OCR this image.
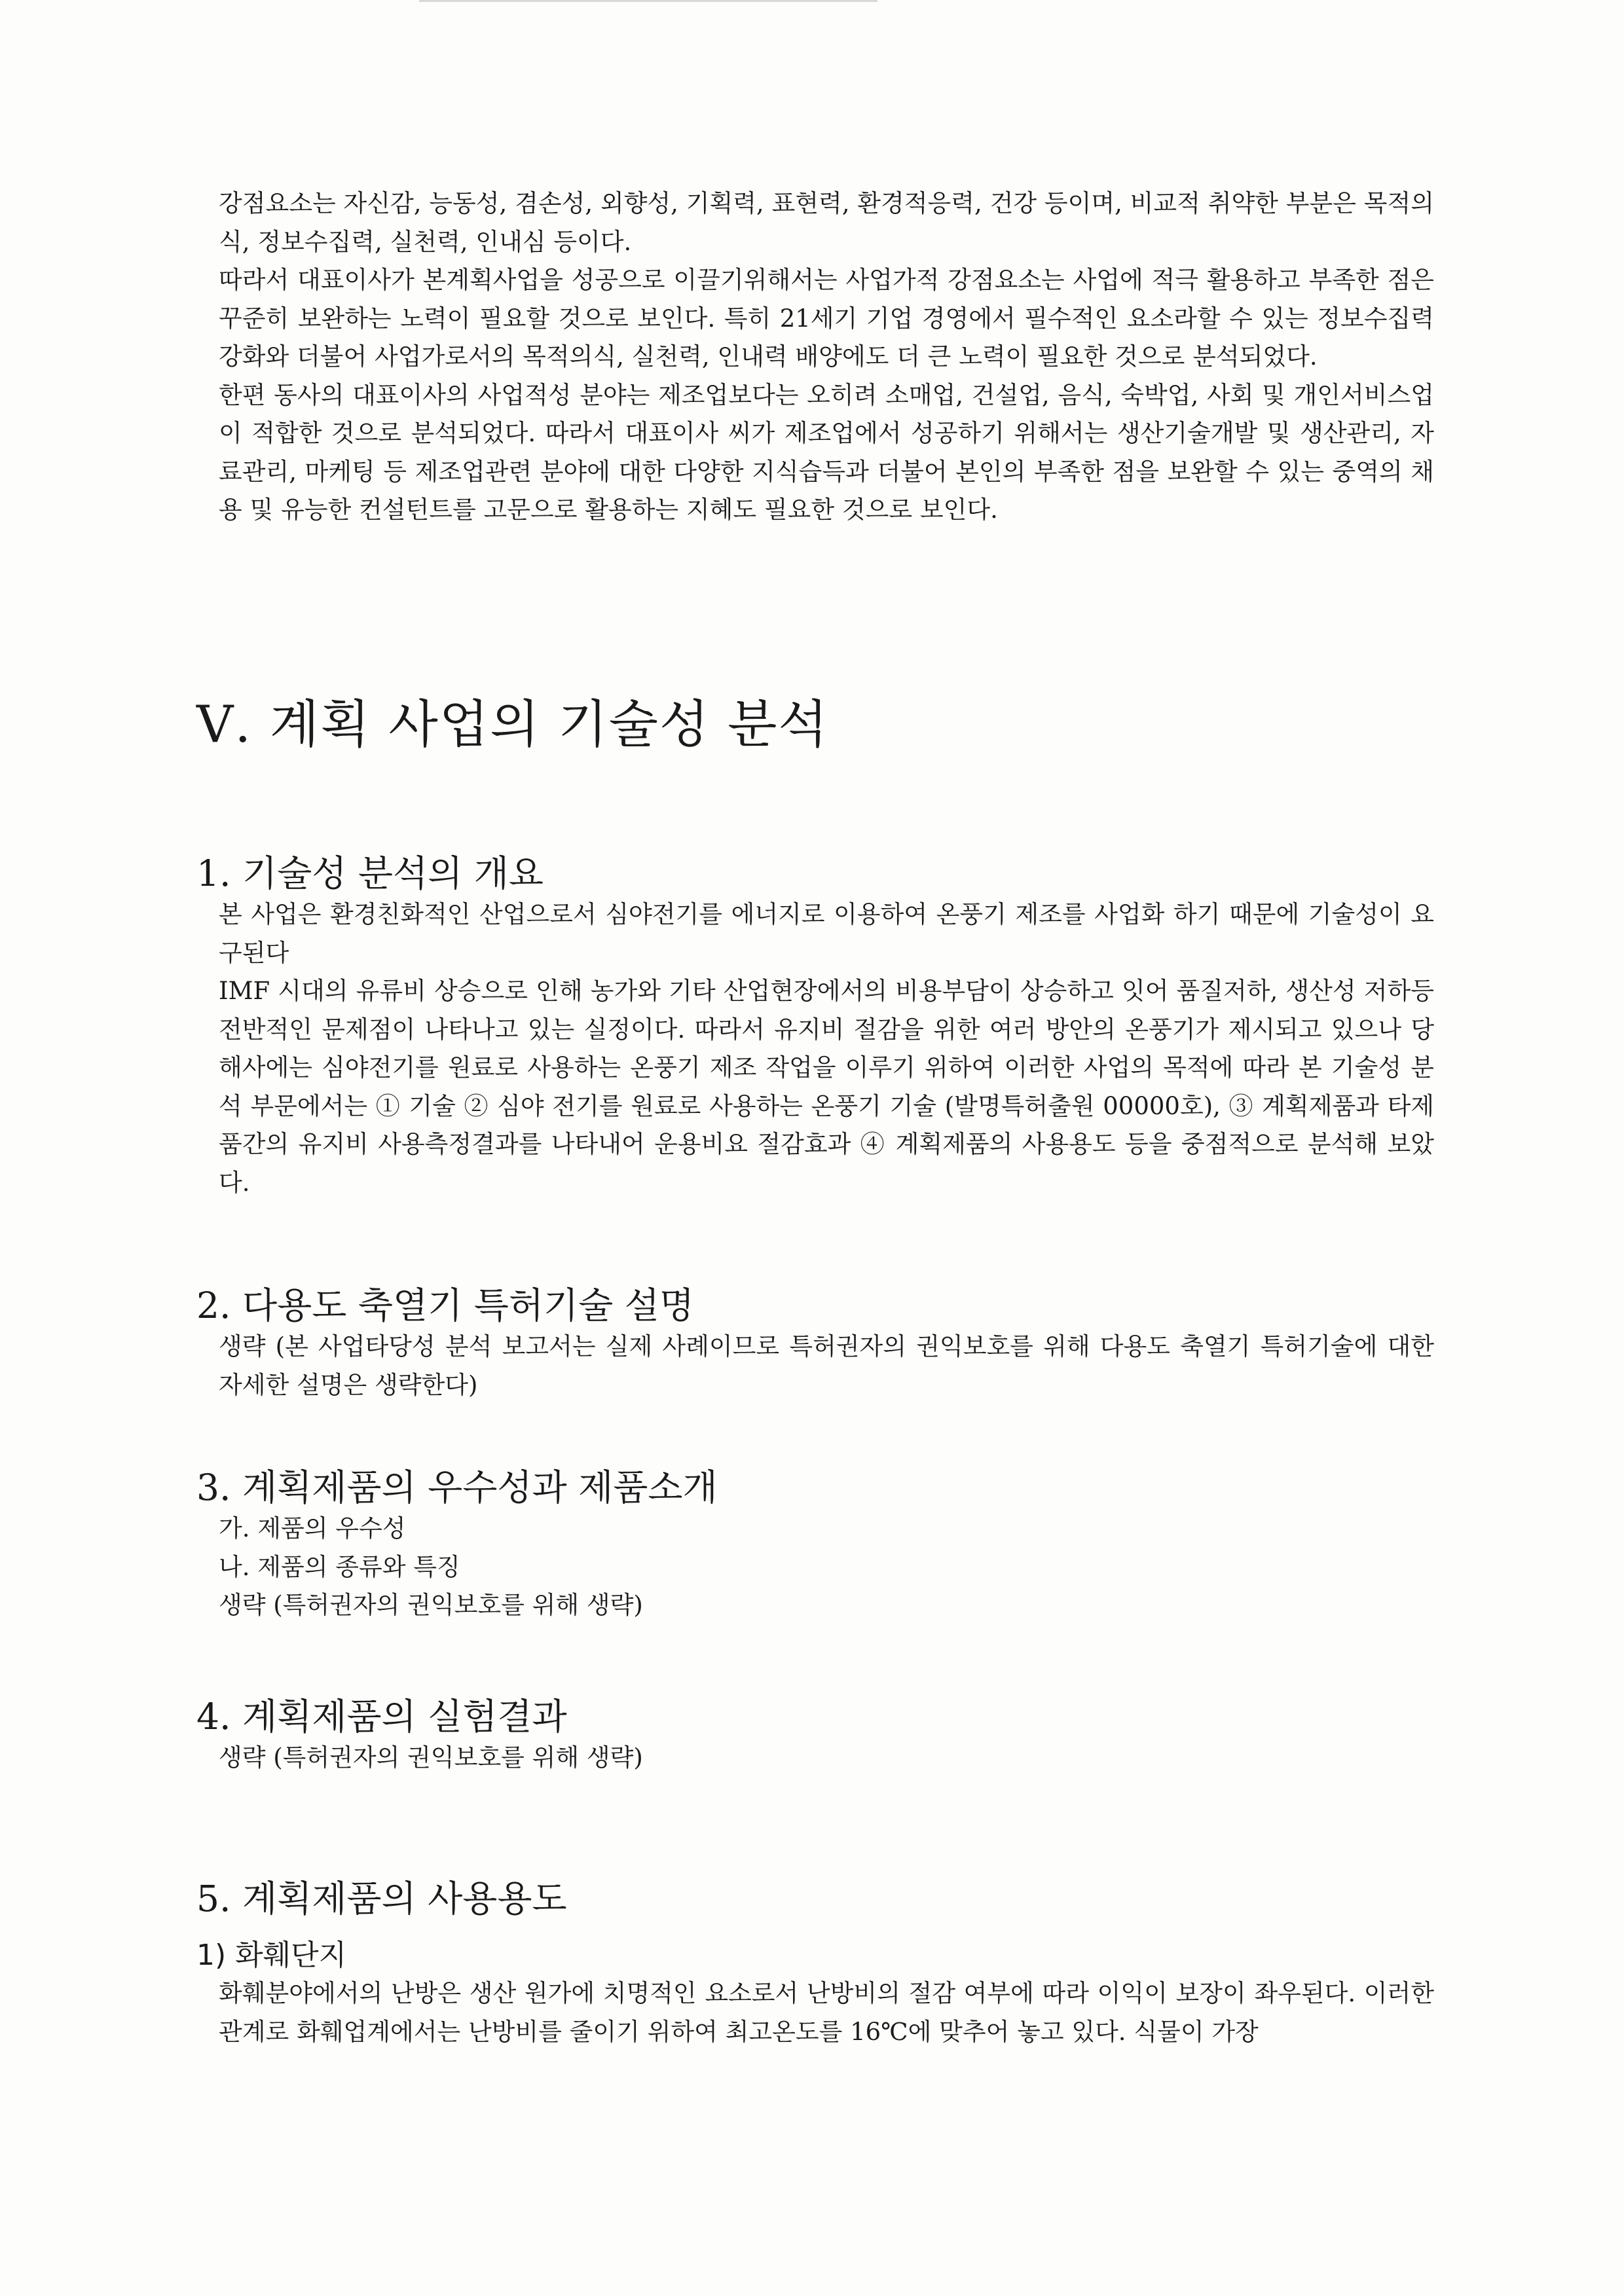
강점요소는 자신감, 능동성, 겸손성, 외향성, 기획력, 표현력, 환경적응력, 건강 등이며, 비교적 취약한 부분은 목적의식, 정보수집력, 실천력, 인내심 등이다.

따라서 대표이사가 본계획사업을 성공으로 이끌기위해서는 사업가적 강점요소는 사업에 적극 활용하고 부족한 점은 꾸준히 보완하는 노력이 필요할 것으로 보인다. 특히 21세기 기업 경영에서 필수적인 요소라할 수 있는 정보수집력 강화와 더불어 사업가로서의 목적의식, 실천력, 인내력 배양에도 더 큰 노력이 필요한 것으로 분석되었다.

한편 동사의 대표이사의 사업적성 분야는 제조업보다는 오히려 소매업, 건설업, 음식, 숙박업, 사회 및 개인서비스업이 적합한 것으로 분석되었다. 따라서 대표이사 씨가 제조업에서 성공하기 위해서는 생산기술개발 및 생산관리, 자료관리, 마케팅 등 제조업관련 분야에 대한 다양한 지식습득과 더불어 본인의 부족한 점을 보완할 수 있는 중역의 채용 및 유능한 컨설턴트를 고문으로 활용하는 지혜도 필요한 것으로 보인다.

Ⅴ. 계획 사업의 기술성 분석
1. 기술성 분석의 개요

본 사업은 환경친화적인 산업으로서 심야전기를 에너지로 이용하여 온풍기 제조를 사업화 하기 때문에 기술성이 요구된다

IMF 시대의 유류비 상승으로 인해 농가와 기타 산업현장에서의 비용부담이 상승하고 잇어 품질저하, 생산성 저하등 전반적인 문제점이 나타나고 있는 실정이다. 따라서 유지비 절감을 위한 여러 방안의 온풍기가 제시되고 있으나 당해사에는 심야전기를 원료로 사용하는 온풍기 제조 작업을 이루기 위하여 이러한 사업의 목적에 따라 본 기술성 분석 부문에서는 ① 기술 ② 심야 전기를 원료로 사용하는 온풍기 기술 (발명특허출원 00000호), ③ 계획제품과 타제품간의 유지비 사용측정결과를 나타내어 운용비요 절감효과 ④ 계획제품의 사용용도 등을 중점적으로 분석해 보았다.

2. 다용도 축열기 특허기술 설명

생략 (본 사업타당성 분석 보고서는 실제 사례이므로 특허권자의 권익보호를 위해 다용도 축열기 특허기술에 대한 자세한 설명은 생략한다)

3. 계획제품의 우수성과 제품소개

가. 제품의 우수성

나. 제품의 종류와 특징

생략 (특허권자의 권익보호를 위해 생략)

4. 계획제품의 실험결과

생략 (특허권자의 권익보호를 위해 생략)

5. 계획제품의 사용용도
1) 화훼단지

화훼분야에서의 난방은 생산 원가에 치명적인 요소로서 난방비의 절감 여부에 따라 이익이 보장이 좌우된다. 이러한 관계로 화훼업계에서는 난방비를 줄이기 위하여 최고온도를 16℃에 맞추어 놓고 있다. 식물이 가장
